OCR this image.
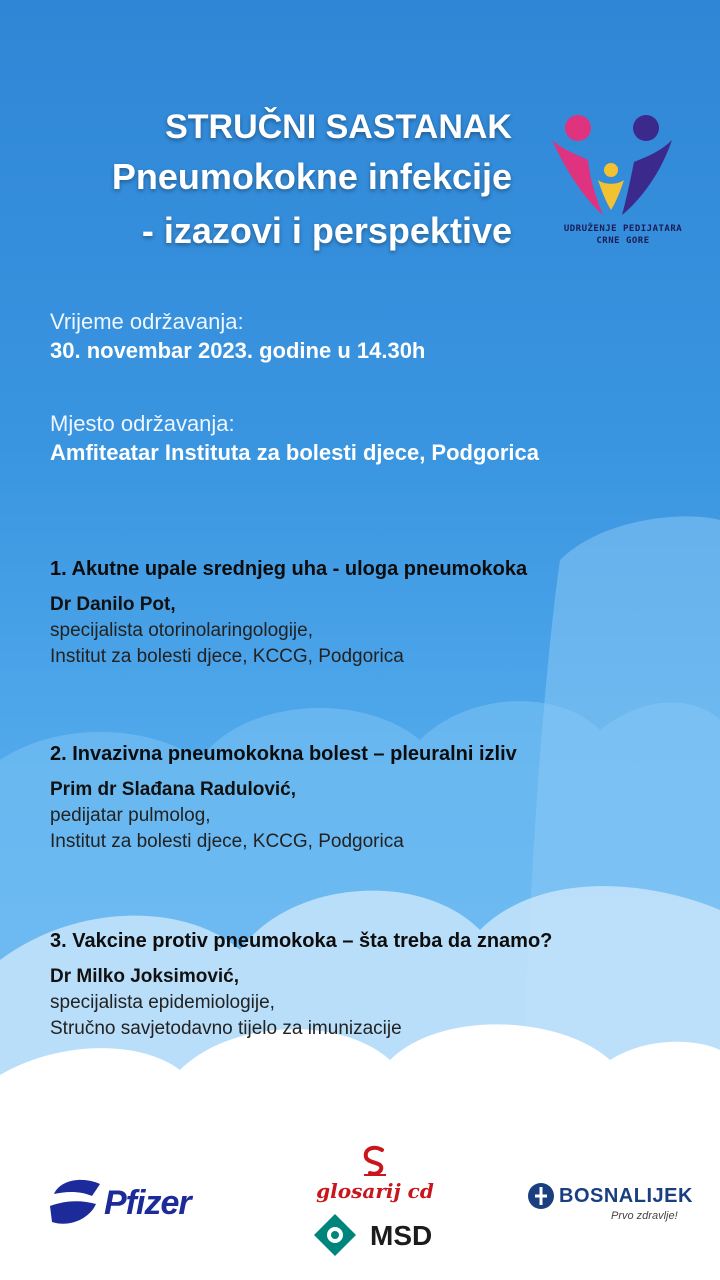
STRUČNI SASTANAK
Pneumokokne infekcije
- izazovi i perspektive	UDRUŽENJE PEDIJATARA
CRNE GORE
Vrijeme održavanja:
30. novembar 2023. godine u 14.30h
Mjesto održavanja:
Amfiteatar Instituta za bolesti djece, Podgorica
1. Akutne upale srednjeg uha - uloga pneumokoka
Dr Danilo Pot,
specijalista otorinolaringologije,
Institut za bolesti djece, KCCG, Podgorica
2. Invazivna pneumokokna bolest – pleuralni izliv
Prim dr Slađana Radulović,
pedijatar pulmolog,
Institut za bolesti djece, KCCG, Podgorica
3. Vakcine protiv pneumokoka – šta treba da znamo?
Dr Milko Joksimović,
specijalista epidemiologije,
Stručno savjetodavno tijelo za imunizacije
Pfizer	glosarij cd
MSD
BOSNALIJEK
Prvo zdravlje!
